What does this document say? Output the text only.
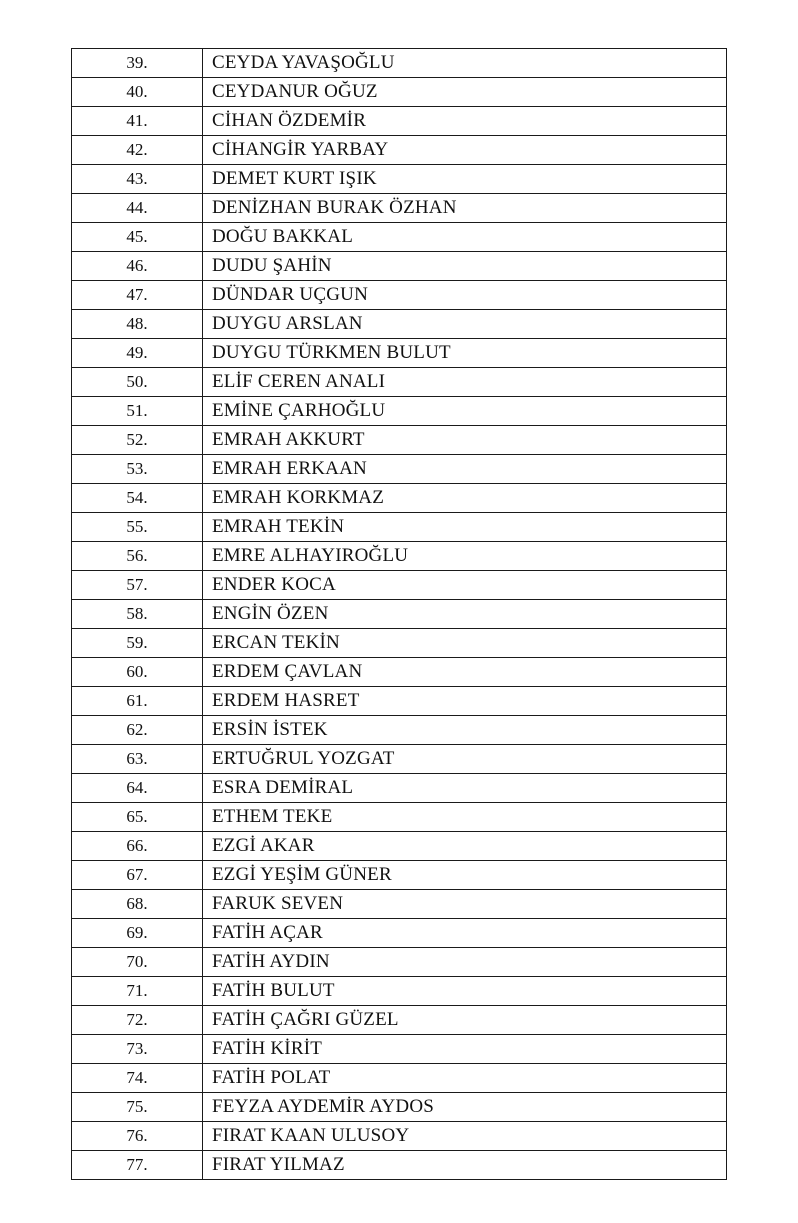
39.	CEYDA YAVAŞOĞLU
40.	CEYDANUR OĞUZ
41.	CİHAN ÖZDEMİR
42.	CİHANGİR YARBAY
43.	DEMET KURT IŞIK
44.	DENİZHAN BURAK ÖZHAN
45.	DOĞU BAKKAL
46.	DUDU ŞAHİN
47.	DÜNDAR UÇGUN
48.	DUYGU ARSLAN
49.	DUYGU TÜRKMEN BULUT
50.	ELİF CEREN ANALI
51.	EMİNE ÇARHOĞLU
52.	EMRAH AKKURT
53.	EMRAH ERKAAN
54.	EMRAH KORKMAZ
55.	EMRAH TEKİN
56.	EMRE ALHAYIROĞLU
57.	ENDER KOCA
58.	ENGİN ÖZEN
59.	ERCAN TEKİN
60.	ERDEM ÇAVLAN
61.	ERDEM HASRET
62.	ERSİN İSTEK
63.	ERTUĞRUL YOZGAT
64.	ESRA DEMİRAL
65.	ETHEM TEKE
66.	EZGİ AKAR
67.	EZGİ YEŞİM GÜNER
68.	FARUK SEVEN
69.	FATİH AÇAR
70.	FATİH AYDIN
71.	FATİH BULUT
72.	FATİH ÇAĞRI GÜZEL
73.	FATİH KİRİT
74.	FATİH POLAT
75.	FEYZA AYDEMİR AYDOS
76.	FIRAT KAAN ULUSOY
77.	FIRAT YILMAZ
